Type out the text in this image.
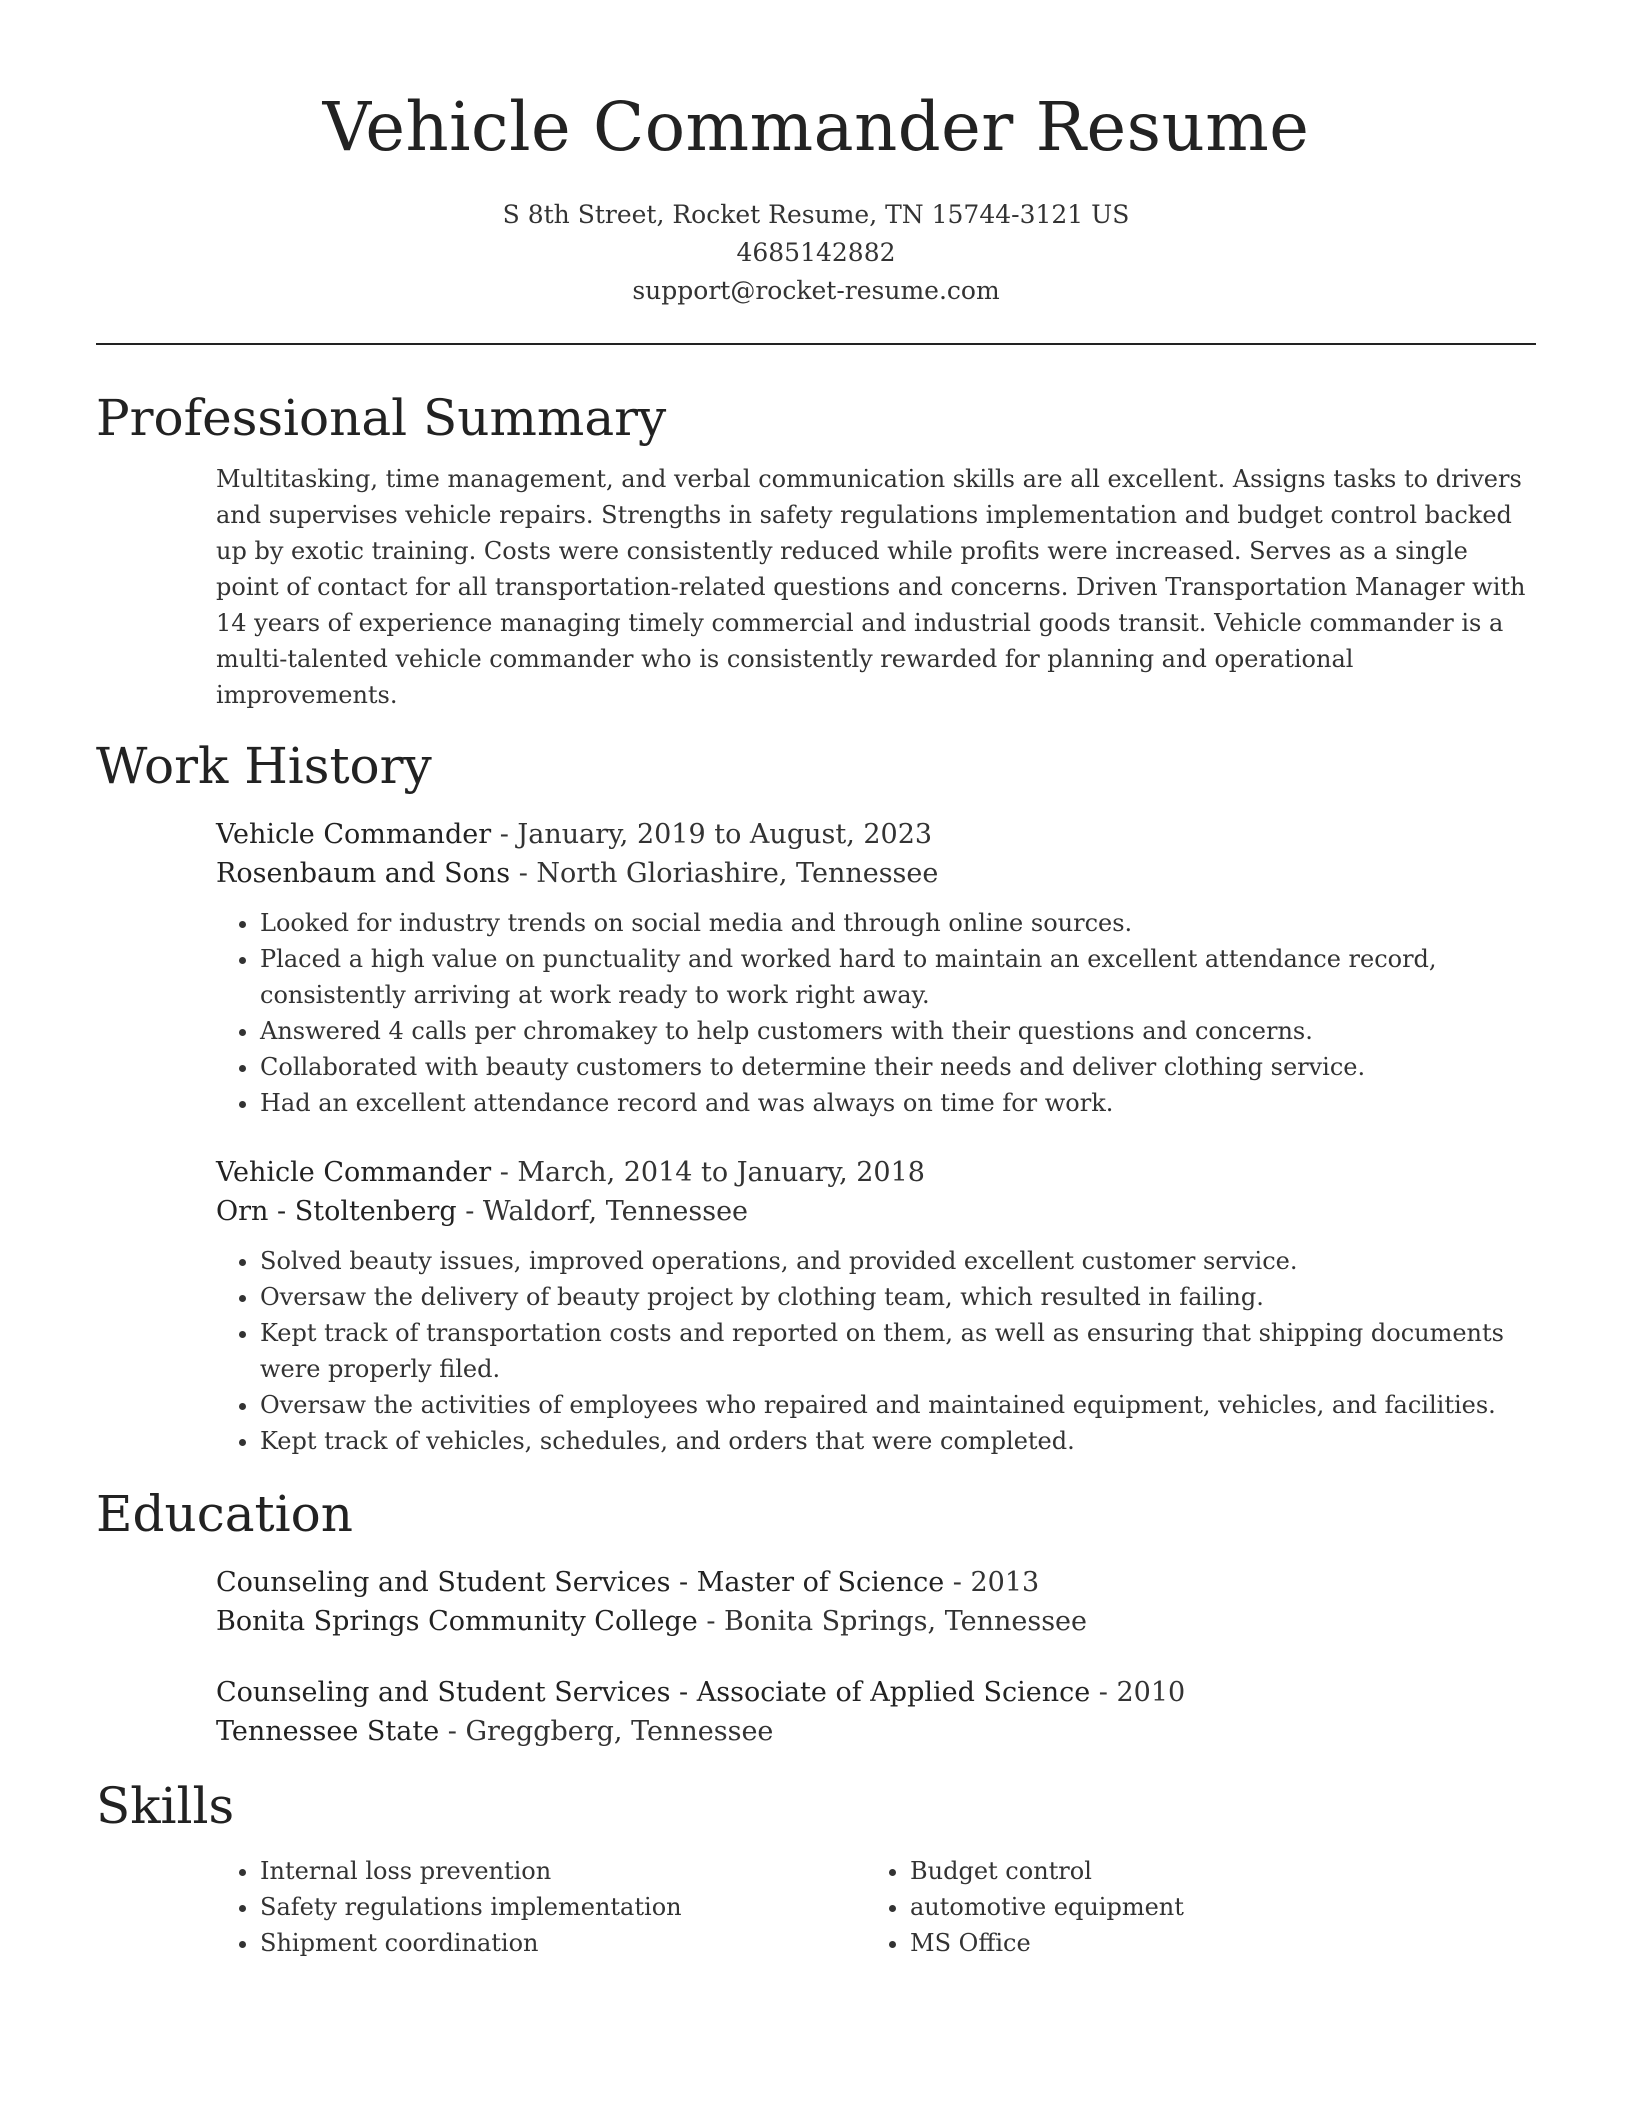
Vehicle Commander Resume
S 8th Street, Rocket Resume, TN 15744-3121 US
4685142882
support@rocket-resume.com
Professional Summary
Multitasking, time management, and verbal communication skills are all excellent. Assigns tasks to drivers and supervises vehicle repairs. Strengths in safety regulations implementation and budget control backed up by exotic training. Costs were consistently reduced while profits were increased. Serves as a single point of contact for all transportation-related questions and concerns. Driven Transportation Manager with 14 years of experience managing timely commercial and industrial goods transit. Vehicle commander is a multi-talented vehicle commander who is consistently rewarded for planning and operational improvements.
Work History
Vehicle Commander - January, 2019 to August, 2023
Rosenbaum and Sons - North Gloriashire, Tennessee
• Looked for industry trends on social media and through online sources.
• Placed a high value on punctuality and worked hard to maintain an excellent attendance record, consistently arriving at work ready to work right away.
• Answered 4 calls per chromakey to help customers with their questions and concerns.
• Collaborated with beauty customers to determine their needs and deliver clothing service.
• Had an excellent attendance record and was always on time for work.
Vehicle Commander - March, 2014 to January, 2018
Orn - Stoltenberg - Waldorf, Tennessee
• Solved beauty issues, improved operations, and provided excellent customer service.
• Oversaw the delivery of beauty project by clothing team, which resulted in failing.
• Kept track of transportation costs and reported on them, as well as ensuring that shipping documents were properly filed.
• Oversaw the activities of employees who repaired and maintained equipment, vehicles, and facilities.
• Kept track of vehicles, schedules, and orders that were completed.
Education
Counseling and Student Services - Master of Science - 2013
Bonita Springs Community College - Bonita Springs, Tennessee
Counseling and Student Services - Associate of Applied Science - 2010
Tennessee State - Greggberg, Tennessee
Skills
• Internal loss prevention
• Safety regulations implementation
• Shipment coordination
• Budget control
• automotive equipment
• MS Office
